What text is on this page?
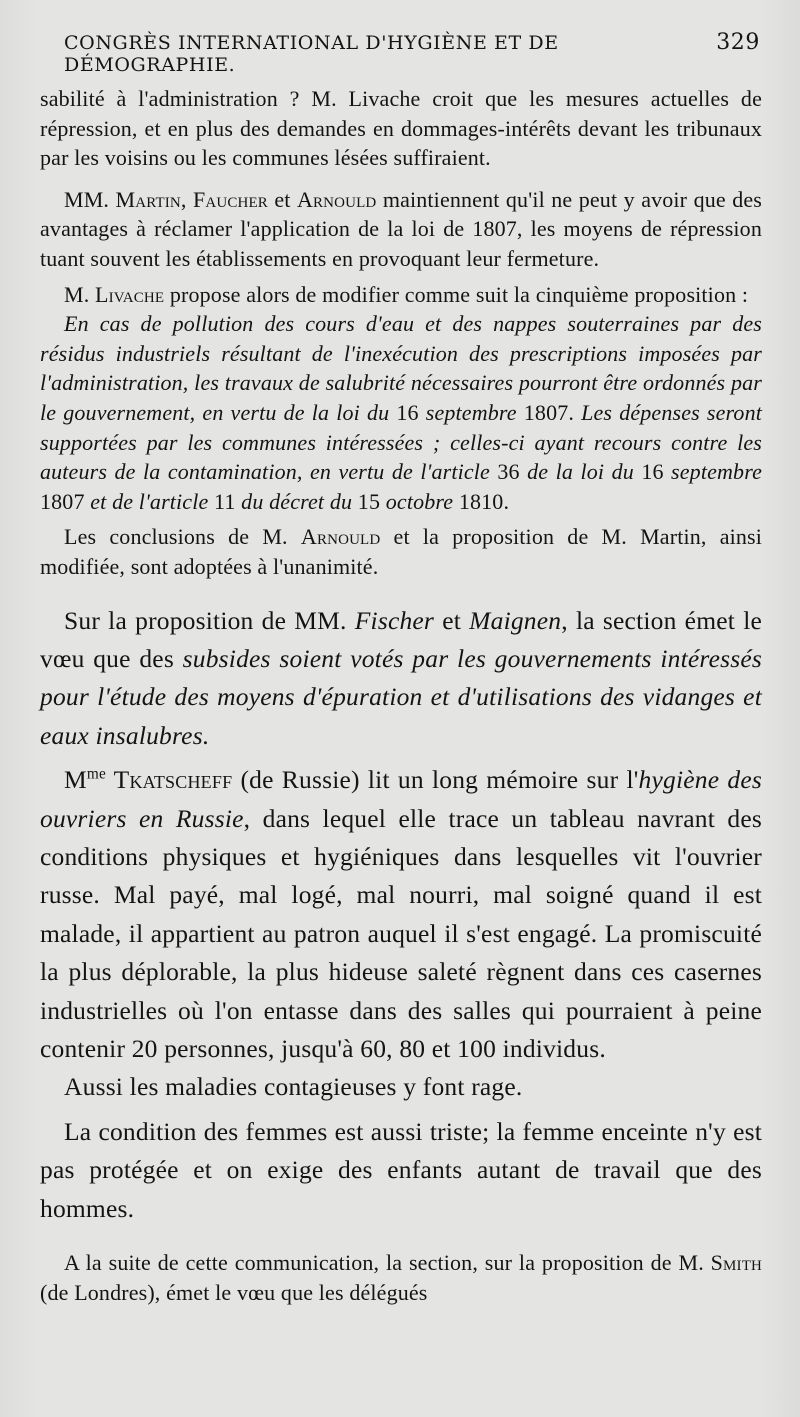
CONGRÈS INTERNATIONAL D'HYGIÈNE ET DE DÉMOGRAPHIE.
329

sabilité à l'administration ? M. Livache croit que les mesures actuelles de répression, et en plus des demandes en dommages-intérêts devant les tribunaux par les voisins ou les communes lésées suffiraient.

MM. Martin, Faucher et Arnould maintiennent qu'il ne peut y avoir que des avantages à réclamer l'application de la loi de 1807, les moyens de répression tuant souvent les établissements en provoquant leur fermeture.

M. Livache propose alors de modifier comme suit la cinquième proposition :

En cas de pollution des cours d'eau et des nappes souterraines par des résidus industriels résultant de l'inexécution des prescriptions imposées par l'administration, les travaux de salubrité nécessaires pourront être ordonnés par le gouvernement, en vertu de la loi du 16 septembre 1807. Les dépenses seront supportées par les communes intéressées ; celles-ci ayant recours contre les auteurs de la contamination, en vertu de l'article 36 de la loi du 16 septembre 1807 et de l'article 11 du décret du 15 octobre 1810.

Les conclusions de M. Arnould et la proposition de M. Martin, ainsi modifiée, sont adoptées à l'unanimité.

Sur la proposition de MM. Fischer et Maignen, la section émet le vœu que des subsides soient votés par les gouvernements intéressés pour l'étude des moyens d'épuration et d'utilisations des vidanges et eaux insalubres.

$M^{me}$ Tkatscheff (de Russie) lit un long mémoire sur l'hygiène des ouvriers en Russie, dans lequel elle trace un tableau navrant des conditions physiques et hygiéniques dans lesquelles vit l'ouvrier russe. Mal payé, mal logé, mal nourri, mal soigné quand il est malade, il appartient au patron auquel il s'est engagé. La promiscuité la plus déplorable, la plus hideuse saleté règnent dans ces casernes industrielles où l'on entasse dans des salles qui pourraient à peine contenir 20 personnes, jusqu'à 60, 80 et 100 individus.

Aussi les maladies contagieuses y font rage.

La condition des femmes est aussi triste; la femme enceinte n'y est pas protégée et on exige des enfants autant de travail que des hommes.

A la suite de cette communication, la section, sur la proposition de M. Smith (de Londres), émet le vœu que les délégués
